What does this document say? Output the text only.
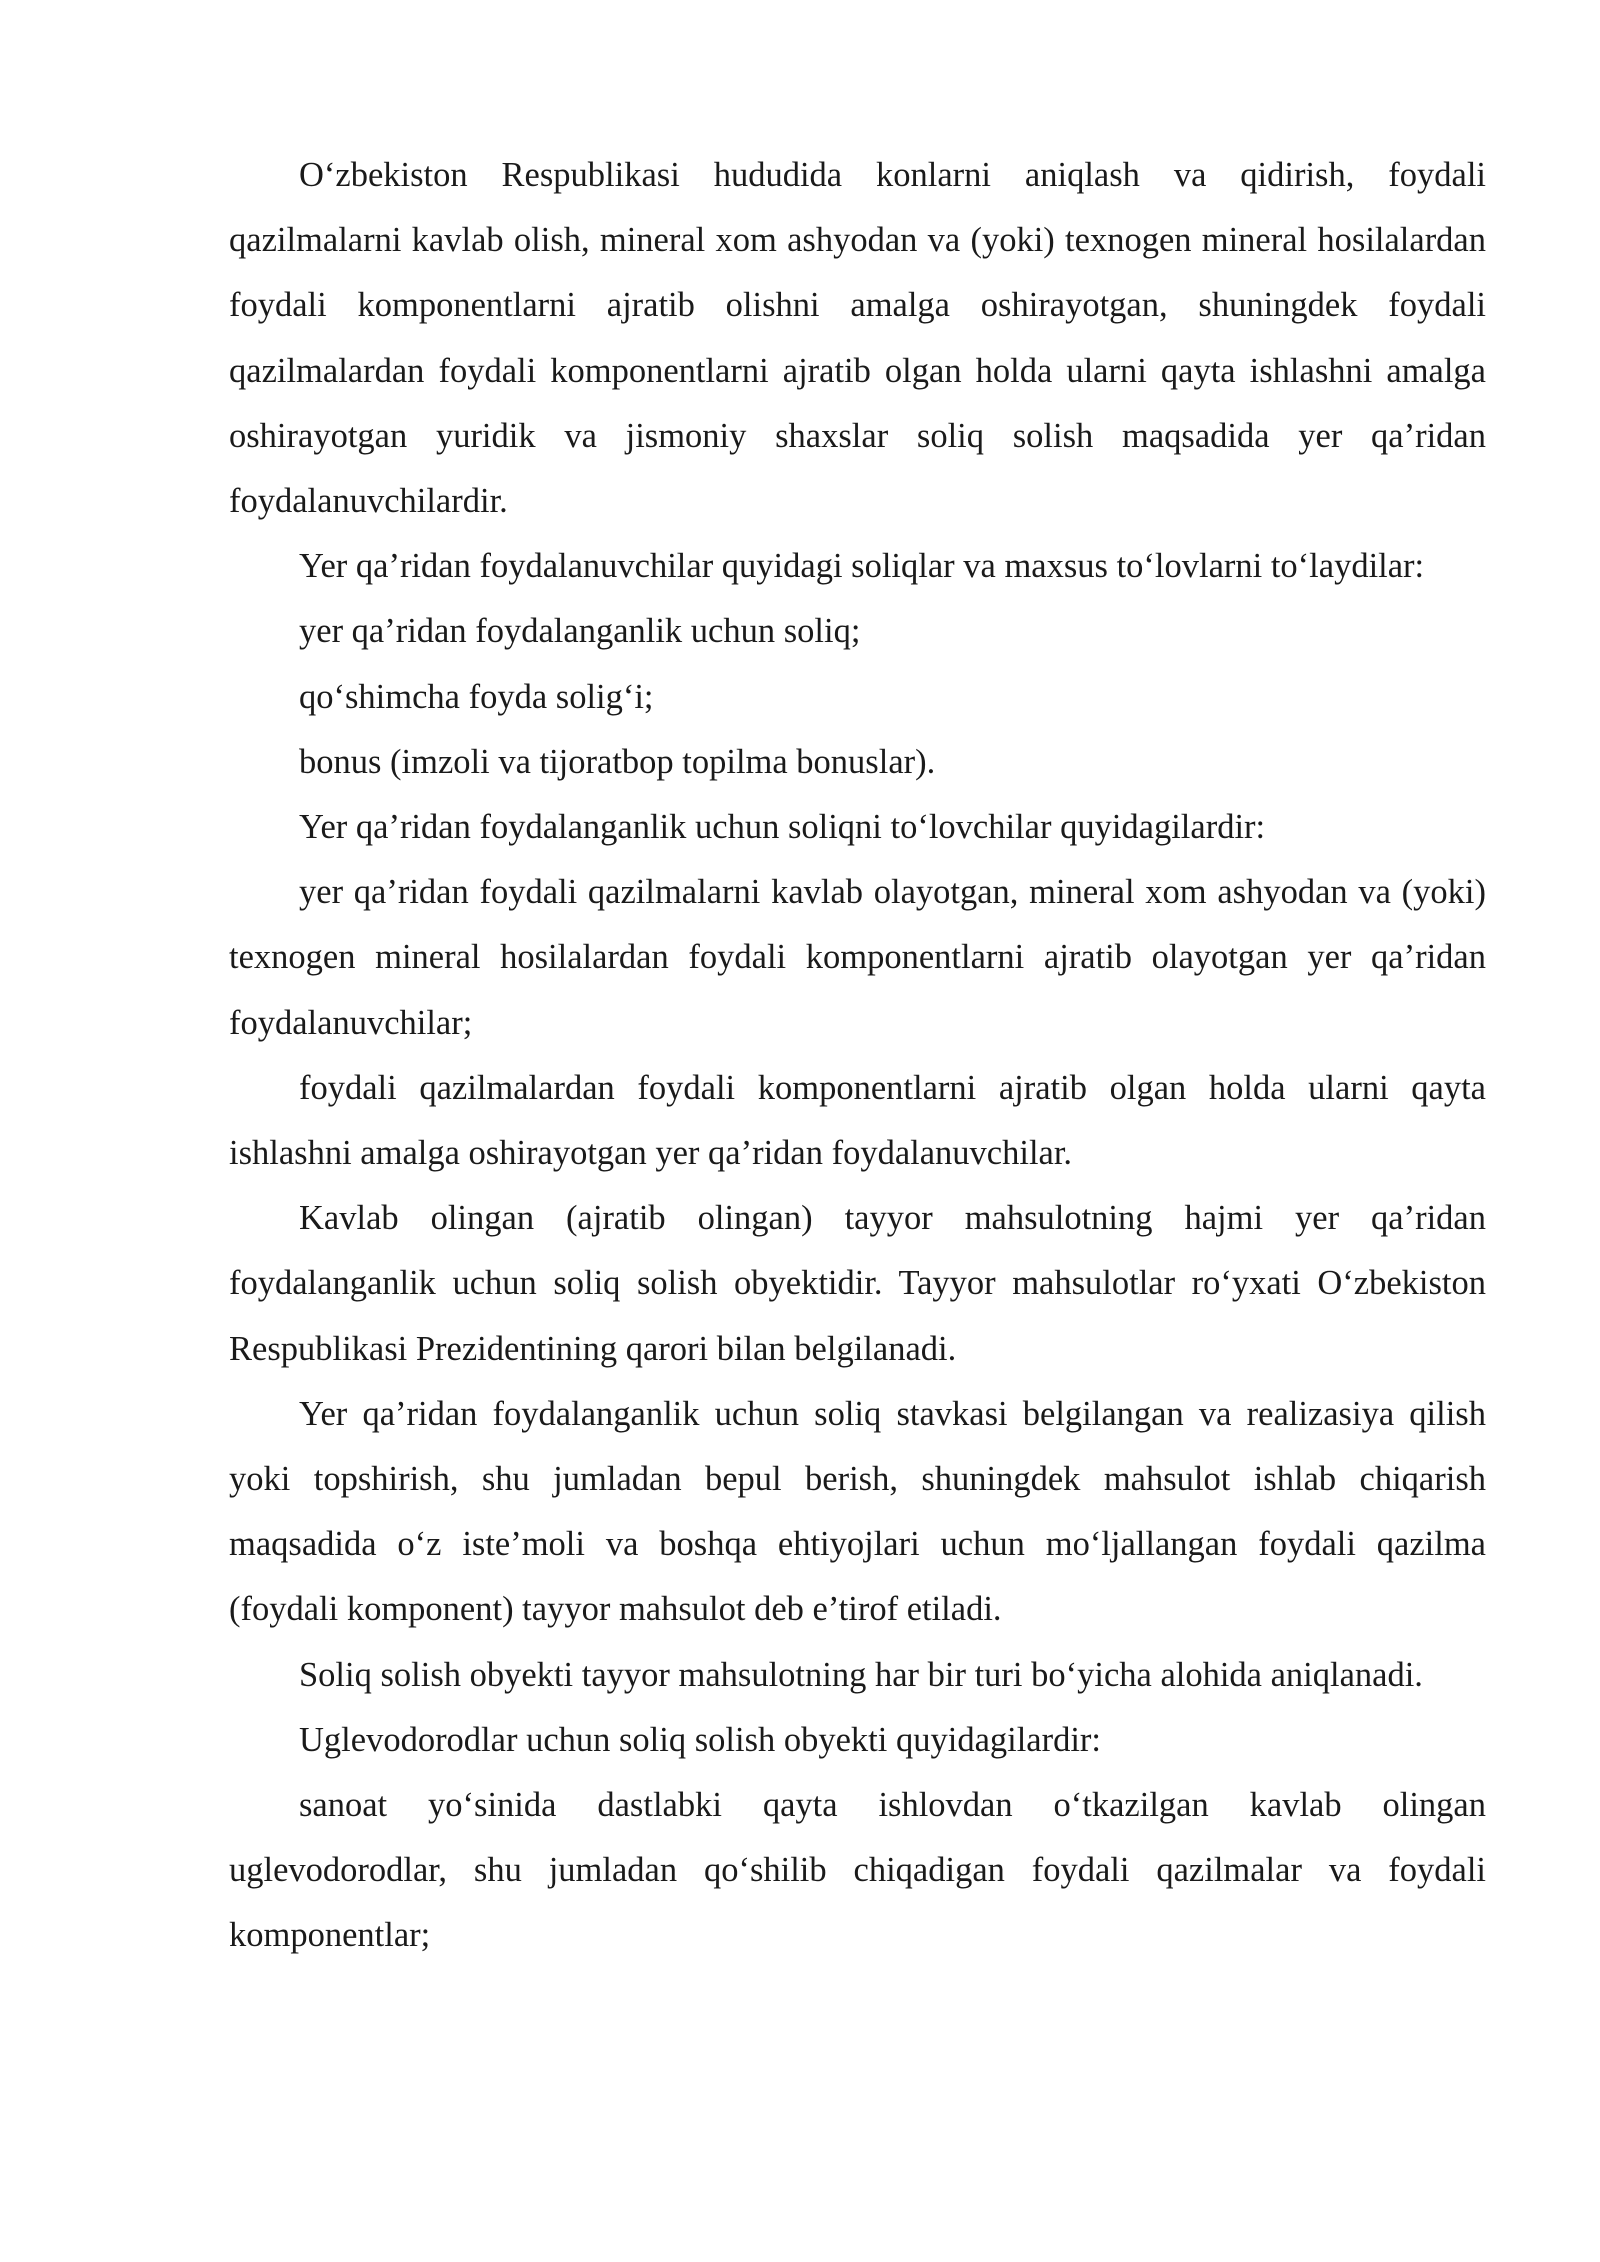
O‘zbekiston Respublikasi hududida konlarni aniqlash va qidirish, foydali qazilmalarni kavlab olish, mineral xom ashyodan va (yoki) texnogen mineral hosilalardan foydali komponentlarni ajratib olishni amalga oshirayotgan, shuningdek foydali qazilmalardan foydali komponentlarni ajratib olgan holda ularni qayta ishlashni amalga oshirayotgan yuridik va jismoniy shaxslar soliq solish maqsadida yer qa’ridan foydalanuvchilardir.

Yer qa’ridan foydalanuvchilar quyidagi soliqlar va maxsus to‘lovlarni to‘laydilar:

yer qa’ridan foydalanganlik uchun soliq;

qo‘shimcha foyda solig‘i;

bonus (imzoli va tijoratbop topilma bonuslar).

Yer qa’ridan foydalanganlik uchun soliqni to‘lovchilar quyidagilardir:

yer qa’ridan foydali qazilmalarni kavlab olayotgan, mineral xom ashyodan va (yoki) texnogen mineral hosilalardan foydali komponentlarni ajratib olayotgan yer qa’ridan foydalanuvchilar;

foydali qazilmalardan foydali komponentlarni ajratib olgan holda ularni qayta ishlashni amalga oshirayotgan yer qa’ridan foydalanuvchilar.

Kavlab olingan (ajratib olingan) tayyor mahsulotning hajmi yer qa’ridan foydalanganlik uchun soliq solish obyektidir. Tayyor mahsulotlar ro‘yxati O‘zbekiston Respublikasi Prezidentining qarori bilan belgilanadi.

Yer qa’ridan foydalanganlik uchun soliq stavkasi belgilangan va realizasiya qilish yoki topshirish, shu jumladan bepul berish, shuningdek mahsulot ishlab chiqarish maqsadida o‘z iste’moli va boshqa ehtiyojlari uchun mo‘ljallangan foydali qazilma (foydali komponent) tayyor mahsulot deb e’tirof etiladi.

Soliq solish obyekti tayyor mahsulotning har bir turi bo‘yicha alohida aniqlanadi.

Uglevodorodlar uchun soliq solish obyekti quyidagilardir:

sanoat yo‘sinida dastlabki qayta ishlovdan o‘tkazilgan kavlab olingan uglevodorodlar, shu jumladan qo‘shilib chiqadigan foydali qazilmalar va foydali komponentlar;
